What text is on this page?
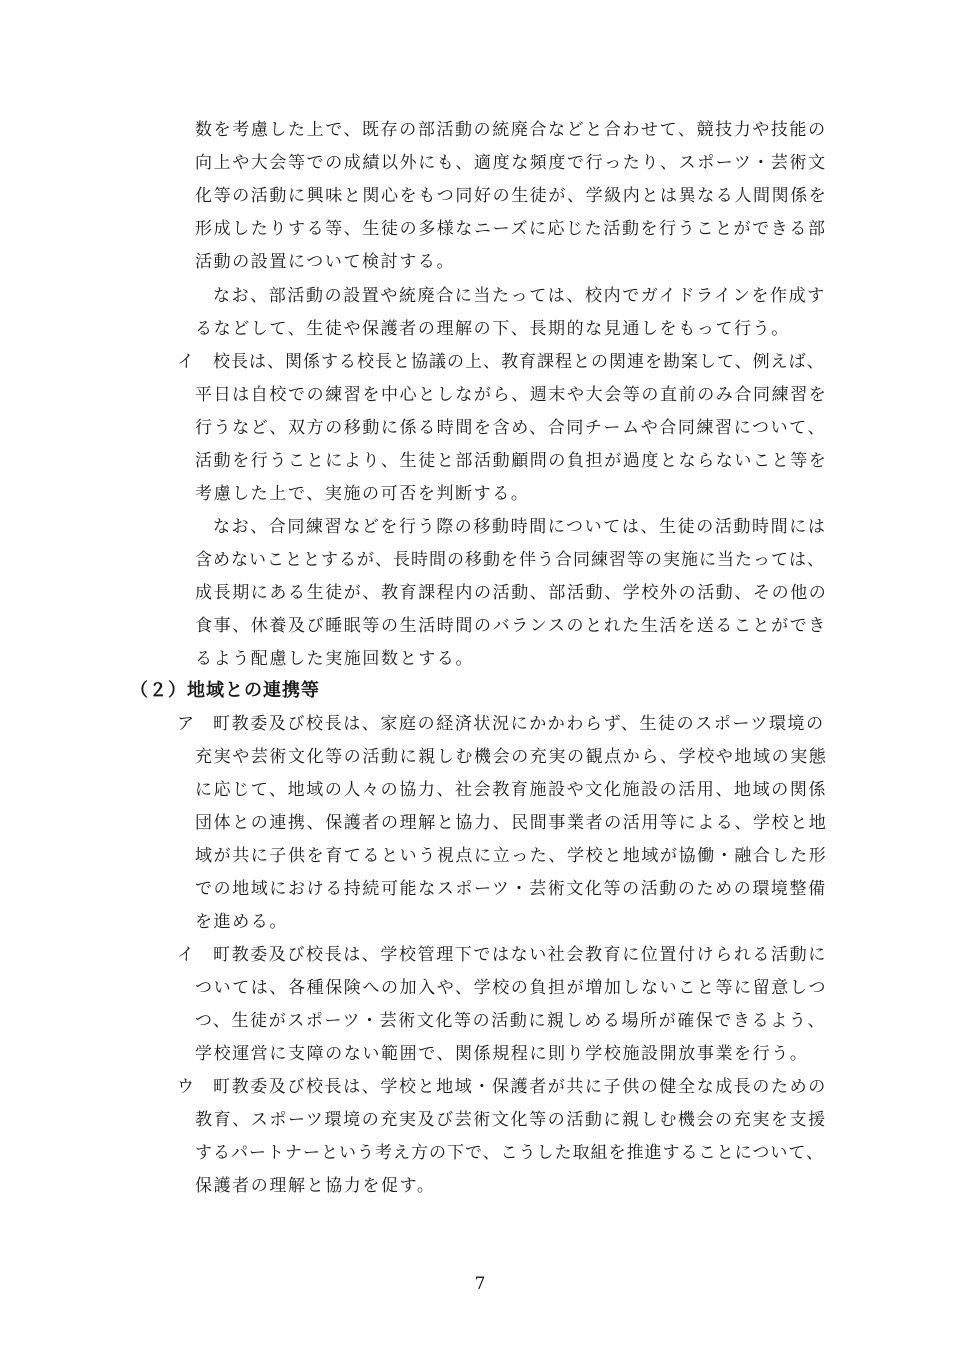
数を考慮した上で、既存の部活動の統廃合などと合わせて、競技力や技能の
向上や大会等での成績以外にも、適度な頻度で行ったり、スポーツ・芸術文
化等の活動に興味と関心をもつ同好の生徒が、学級内とは異なる人間関係を
形成したりする等、生徒の多様なニーズに応じた活動を行うことができる部
活動の設置について検討する。
なお、部活動の設置や統廃合に当たっては、校内でガイドラインを作成す
るなどして、生徒や保護者の理解の下、長期的な見通しをもって行う。
イ 校長は、関係する校長と協議の上、教育課程との関連を勘案して、例えば、
平日は自校での練習を中心としながら、週末や大会等の直前のみ合同練習を
行うなど、双方の移動に係る時間を含め、合同チームや合同練習について、
活動を行うことにより、生徒と部活動顧問の負担が過度とならないこと等を
考慮した上で、実施の可否を判断する。
なお、合同練習などを行う際の移動時間については、生徒の活動時間には
含めないこととするが、長時間の移動を伴う合同練習等の実施に当たっては、
成長期にある生徒が、教育課程内の活動、部活動、学校外の活動、その他の
食事、休養及び睡眠等の生活時間のバランスのとれた生活を送ることができ
るよう配慮した実施回数とする。
（２）地域との連携等
ア 町教委及び校長は、家庭の経済状況にかかわらず、生徒のスポーツ環境の
充実や芸術文化等の活動に親しむ機会の充実の観点から、学校や地域の実態
に応じて、地域の人々の協力、社会教育施設や文化施設の活用、地域の関係
団体との連携、保護者の理解と協力、民間事業者の活用等による、学校と地
域が共に子供を育てるという視点に立った、学校と地域が協働・融合した形
での地域における持続可能なスポーツ・芸術文化等の活動のための環境整備
を進める。
イ 町教委及び校長は、学校管理下ではない社会教育に位置付けられる活動に
ついては、各種保険への加入や、学校の負担が増加しないこと等に留意しつ
つ、生徒がスポーツ・芸術文化等の活動に親しめる場所が確保できるよう、
学校運営に支障のない範囲で、関係規程に則り学校施設開放事業を行う。
ウ 町教委及び校長は、学校と地域・保護者が共に子供の健全な成長のための
教育、スポーツ環境の充実及び芸術文化等の活動に親しむ機会の充実を支援
するパートナーという考え方の下で、こうした取組を推進することについて、
保護者の理解と協力を促す。
7
